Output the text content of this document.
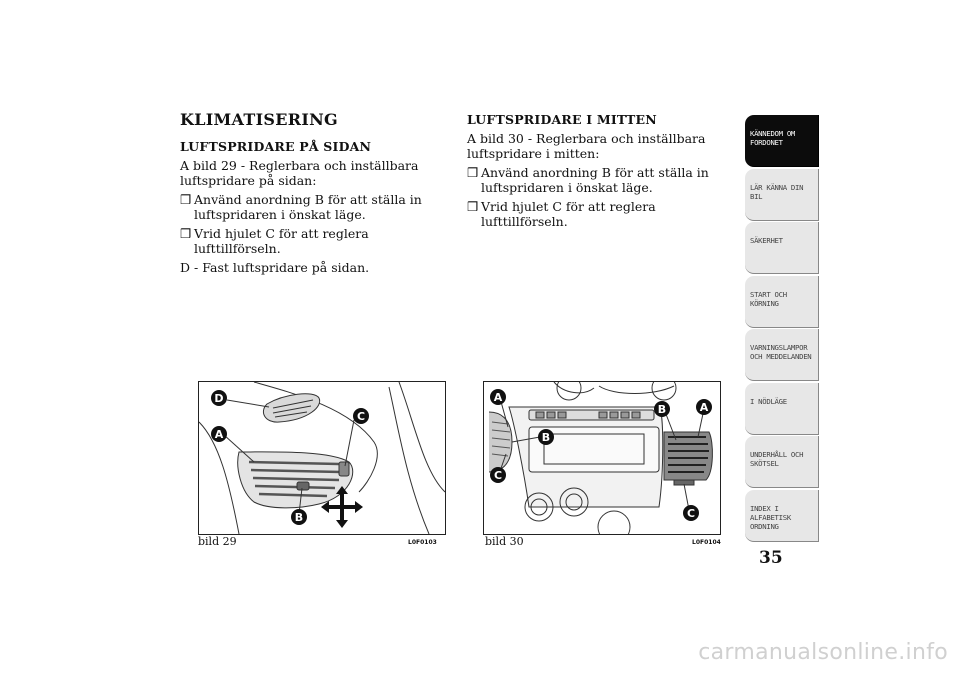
KLIMATISERING
LUFTSPRIDARE PÅ SIDAN
A bild 29 - Reglerbara och inställbara luftspridare på sidan:
❒ Använd anordning B för att ställa in luftspridaren i önskat läge.
❒ Vrid hjulet C för att reglera lufttillförseln.
D - Fast luftspridare på sidan.
LUFTSPRIDARE I MITTEN
A bild 30 - Reglerbara och inställbara luftspridare i mitten:
❒ Använd anordning B för att ställa in luftspridaren i önskat läge.
❒ Vrid hjulet C för att reglera lufttillförseln.
D
C
A
B
bild 29	L0F0103
A
B
B	A
C
C
bild 30	L0F0104
KÄNNEDOM OM FORDONET
LÄR KÄNNA DIN BIL
SÄKERHET
START OCH KÖRNING
VARNINGSLAMPOR OCH MEDDELANDEN
I NÖDLÄGE
UNDERHÅLL OCH SKÖTSEL
INDEX I ALFABETISK ORDNING
35
carmanualsonline.info
